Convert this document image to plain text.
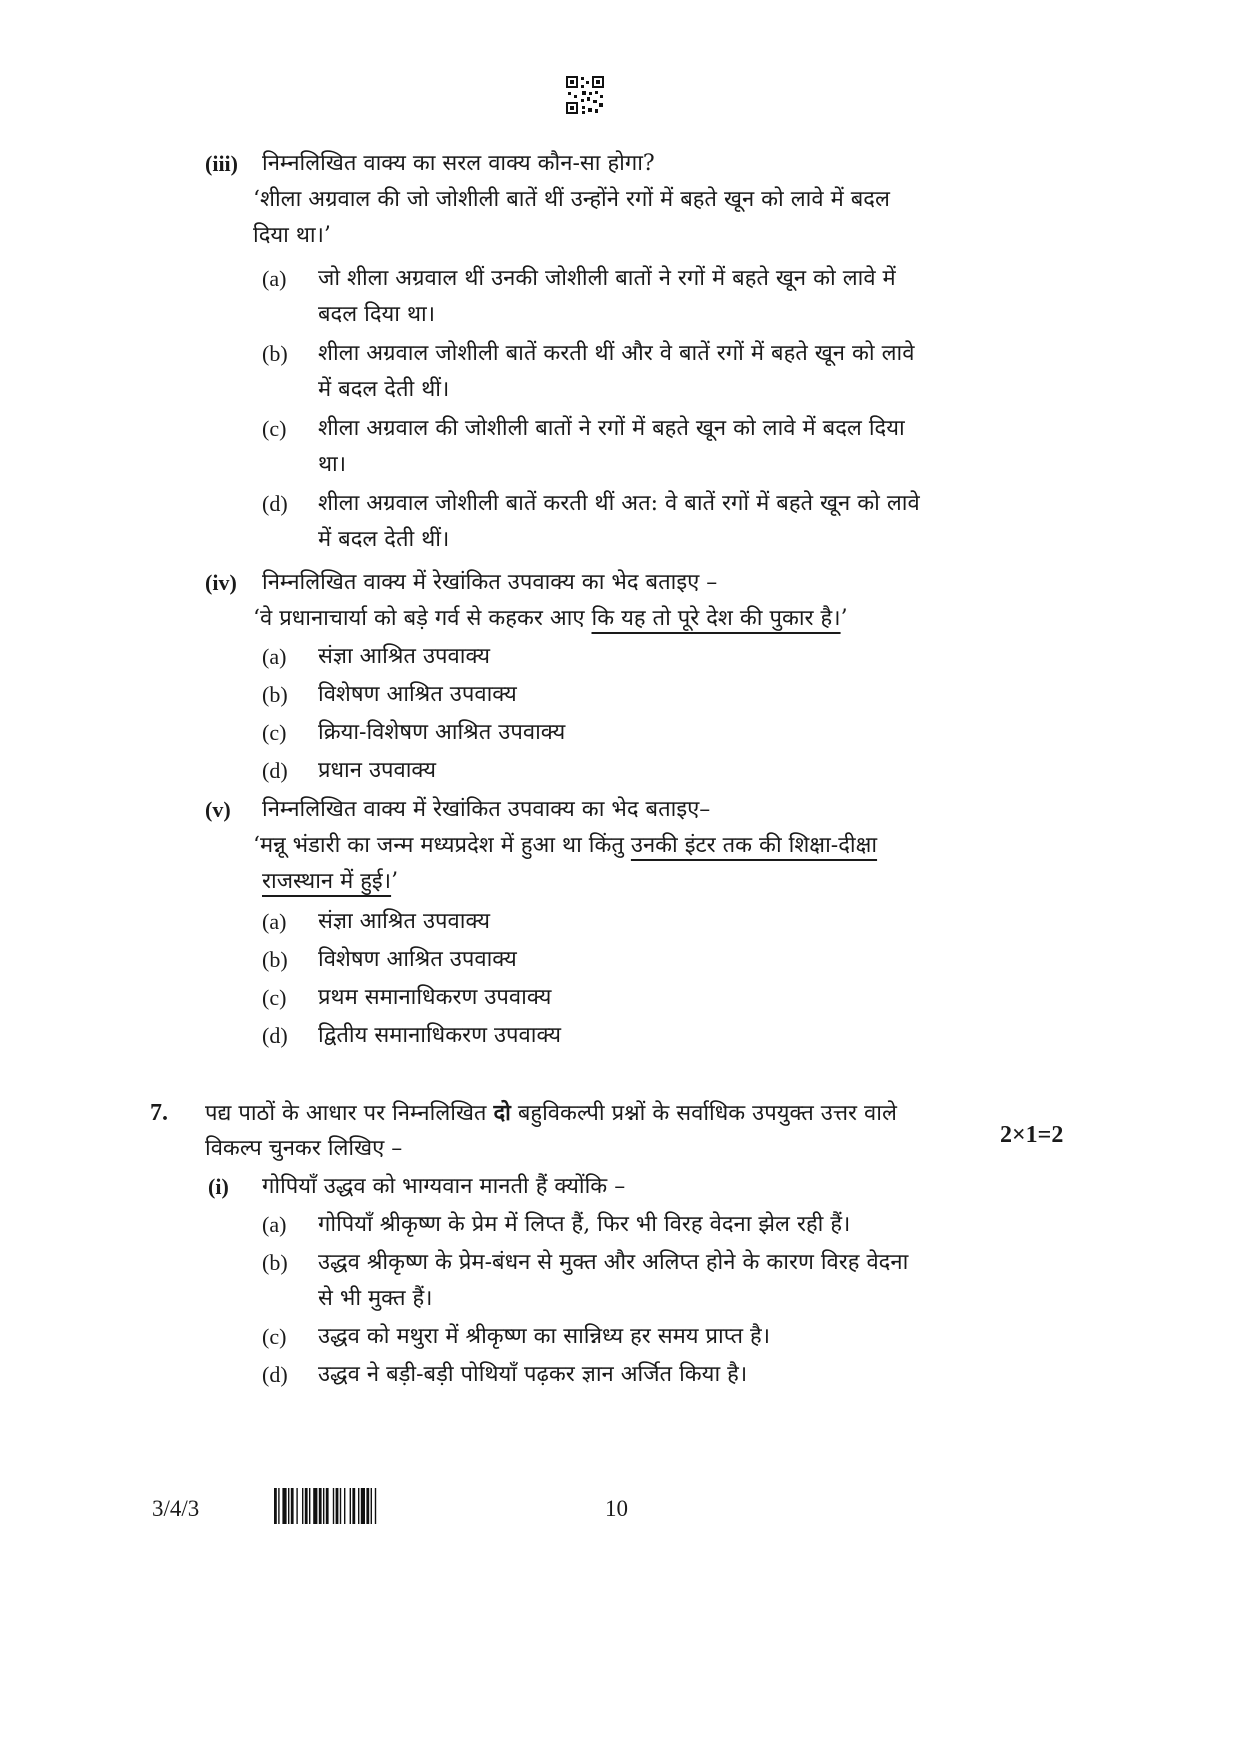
(iii) निम्नलिखित वाक्य का सरल वाक्य कौन-सा होगा?
‘शीला अग्रवाल की जो जोशीली बातें थीं उन्होंने रगों में बहते खून को लावे में बदल
दिया था।’
(a) जो शीला अग्रवाल थीं उनकी जोशीली बातों ने रगों में बहते खून को लावे में
बदल दिया था।
(b) शीला अग्रवाल जोशीली बातें करती थीं और वे बातें रगों में बहते खून को लावे
में बदल देती थीं।
(c) शीला अग्रवाल की जोशीली बातों ने रगों में बहते खून को लावे में बदल दिया
था।
(d) शीला अग्रवाल जोशीली बातें करती थीं अत: वे बातें रगों में बहते खून को लावे
में बदल देती थीं।
(iv) निम्नलिखित वाक्य में रेखांकित उपवाक्य का भेद बताइए –
‘वे प्रधानाचार्या को बड़े गर्व से कहकर आए कि यह तो पूरे देश की पुकार है।’
(a) संज्ञा आश्रित उपवाक्य
(b) विशेषण आश्रित उपवाक्य
(c) क्रिया-विशेषण आश्रित उपवाक्य
(d) प्रधान उपवाक्य
(v) निम्नलिखित वाक्य में रेखांकित उपवाक्य का भेद बताइए–
‘मन्नू भंडारी का जन्म मध्यप्रदेश में हुआ था किंतु उनकी इंटर तक की शिक्षा-दीक्षा
राजस्थान में हुई।’
(a) संज्ञा आश्रित उपवाक्य
(b) विशेषण आश्रित उपवाक्य
(c) प्रथम समानाधिकरण उपवाक्य
(d) द्वितीय समानाधिकरण उपवाक्य
7. पद्य पाठों के आधार पर निम्नलिखित दो बहुविकल्पी प्रश्नों के सर्वाधिक उपयुक्त उत्तर वाले
विकल्प चुनकर लिखिए –
2×1=2
(i) गोपियाँ उद्धव को भाग्यवान मानती हैं क्योंकि –
(a) गोपियाँ श्रीकृष्ण के प्रेम में लिप्त हैं, फिर भी विरह वेदना झेल रही हैं।
(b) उद्धव श्रीकृष्ण के प्रेम-बंधन से मुक्त और अलिप्त होने के कारण विरह वेदना
से भी मुक्त हैं।
(c) उद्धव को मथुरा में श्रीकृष्ण का सान्निध्य हर समय प्राप्त है।
(d) उद्धव ने बड़ी-बड़ी पोथियाँ पढ़कर ज्ञान अर्जित किया है।
3/4/3	10
